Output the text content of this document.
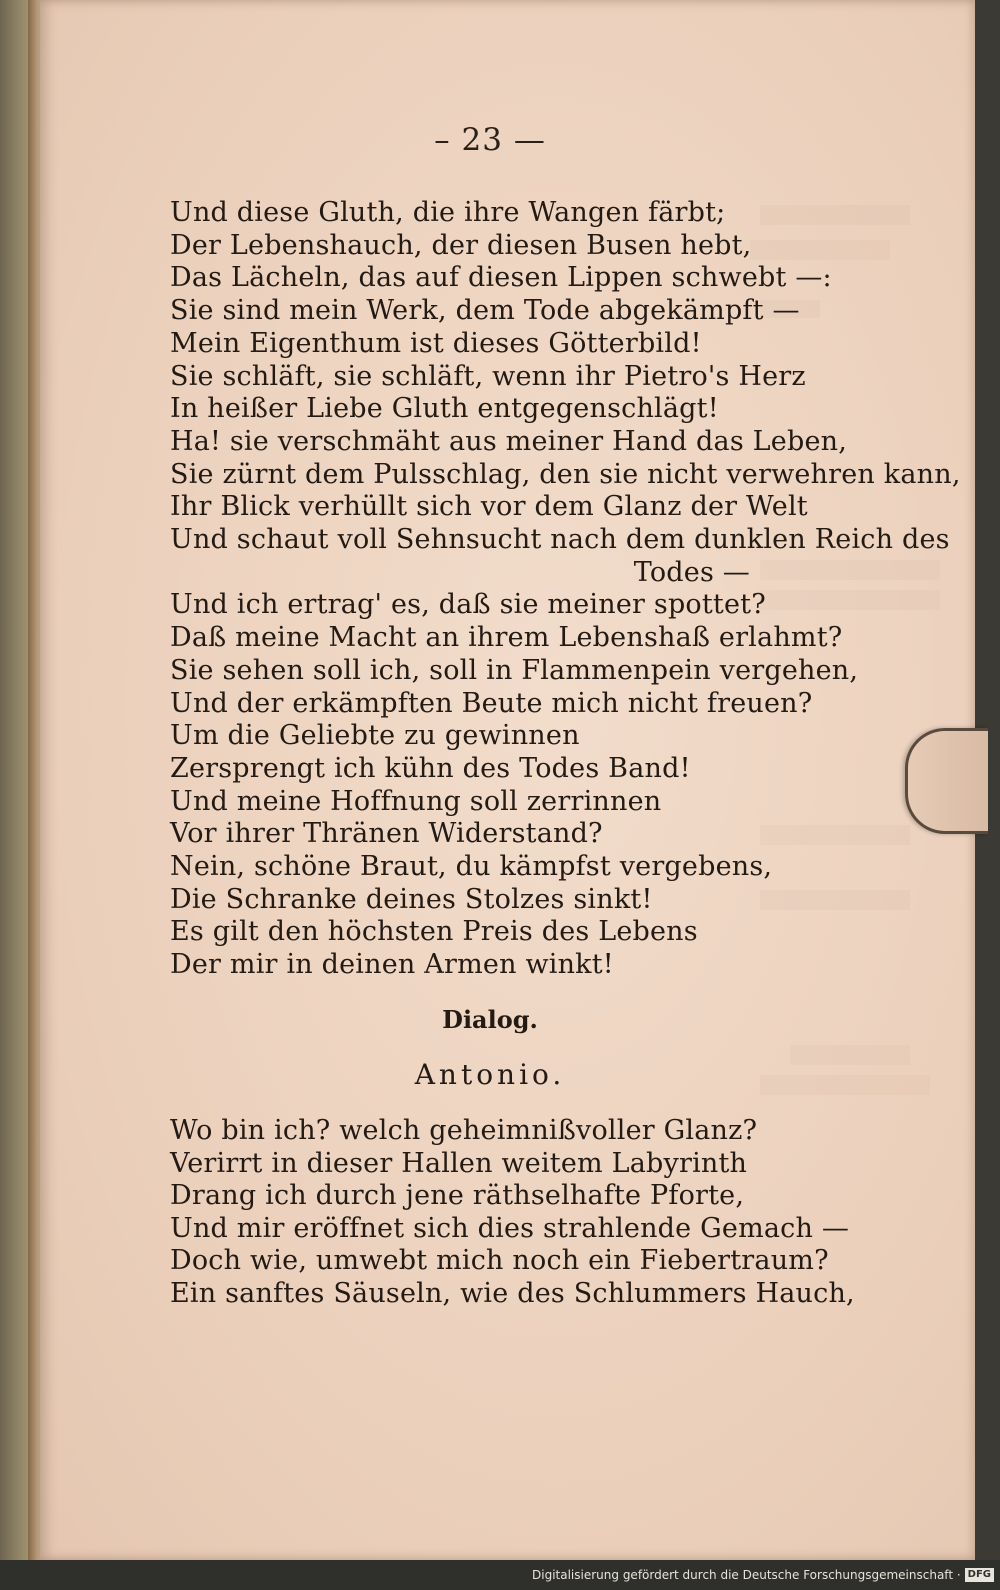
– 23 —
Und diese Gluth, die ihre Wangen färbt;
Der Lebenshauch, der diesen Busen hebt,
Das Lächeln, das auf diesen Lippen schwebt —:
Sie sind mein Werk, dem Tode abgekämpft —
Mein Eigenthum ist dieses Götterbild!
Sie schläft, sie schläft, wenn ihr Pietro's Herz
In heißer Liebe Gluth entgegenschlägt!
Ha! sie verschmäht aus meiner Hand das Leben,
Sie zürnt dem Pulsschlag, den sie nicht verwehren kann,
Ihr Blick verhüllt sich vor dem Glanz der Welt
Und schaut voll Sehnsucht nach dem dunklen Reich des
Todes —
Und ich ertrag' es, daß sie meiner spottet?
Daß meine Macht an ihrem Lebenshaß erlahmt?
Sie sehen soll ich, soll in Flammenpein vergehen,
Und der erkämpften Beute mich nicht freuen?
Um die Geliebte zu gewinnen
Zersprengt ich kühn des Todes Band!
Und meine Hoffnung soll zerrinnen
Vor ihrer Thränen Widerstand?
Nein, schöne Braut, du kämpfst vergebens,
Die Schranke deines Stolzes sinkt!
Es gilt den höchsten Preis des Lebens
Der mir in deinen Armen winkt!
Dialog.
Antonio.
Wo bin ich? welch geheimnißvoller Glanz?
Verirrt in dieser Hallen weitem Labyrinth
Drang ich durch jene räthselhafte Pforte,
Und mir eröffnet sich dies strahlende Gemach —
Doch wie, umwebt mich noch ein Fiebertraum?
Ein sanftes Säuseln, wie des Schlummers Hauch,
Digitalisierung gefördert durch die Deutsche Forschungsgemeinschaft · DFG
